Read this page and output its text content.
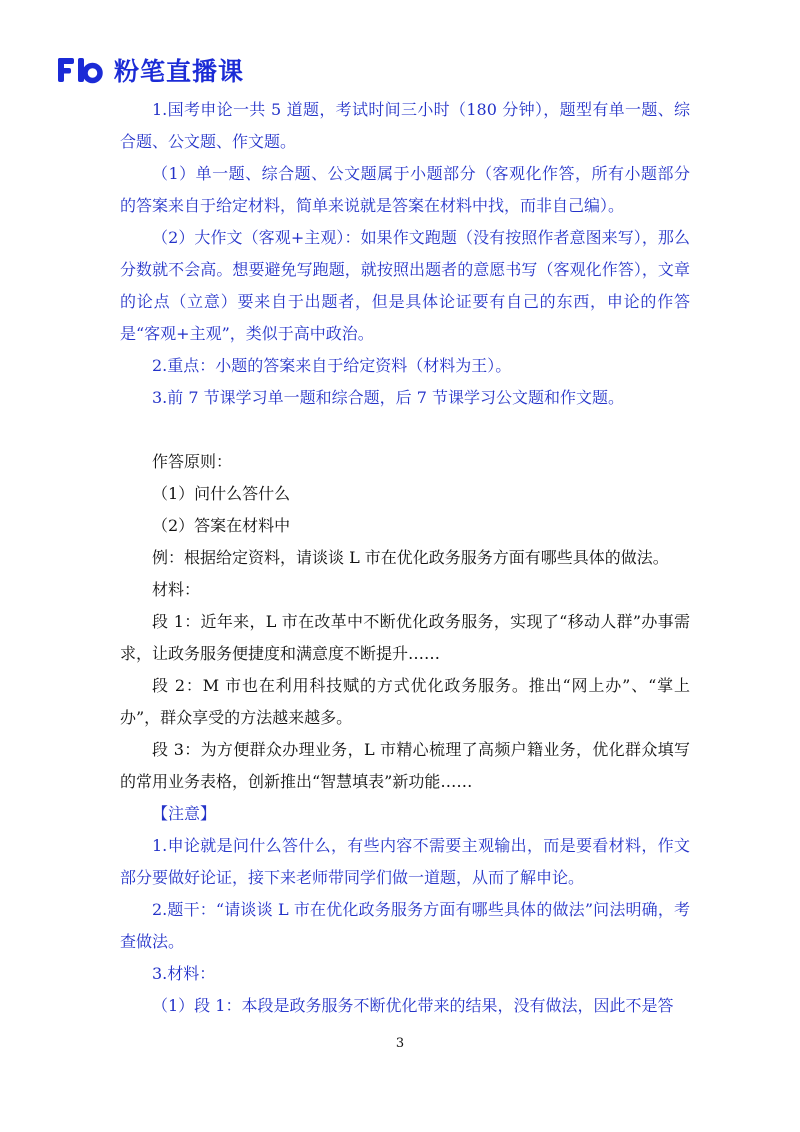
粉笔直播课

1.国考申论一共 5 道题，考试时间三小时（180 分钟），题型有单一题、综合题、公文题、作文题。

（1）单一题、综合题、公文题属于小题部分（客观化作答，所有小题部分的答案来自于给定材料，简单来说就是答案在材料中找，而非自己编）。

（2）大作文（客观+主观）：如果作文跑题（没有按照作者意图来写），那么分数就不会高。想要避免写跑题，就按照出题者的意愿书写（客观化作答），文章的论点（立意）要来自于出题者，但是具体论证要有自己的东西，申论的作答是“客观+主观”，类似于高中政治。

2.重点：小题的答案来自于给定资料（材料为王）。

3.前 7 节课学习单一题和综合题，后 7 节课学习公文题和作文题。

作答原则：

（1）问什么答什么

（2）答案在材料中

例：根据给定资料，请谈谈 L 市在优化政务服务方面有哪些具体的做法。

材料：

段 1：近年来，L 市在改革中不断优化政务服务，实现了“移动人群”办事需求，让政务服务便捷度和满意度不断提升……

段 2：M 市也在利用科技赋的方式优化政务服务。推出“网上办”、“掌上办”，群众享受的方法越来越多。

段 3：为方便群众办理业务，L 市精心梳理了高频户籍业务，优化群众填写的常用业务表格，创新推出“智慧填表”新功能……

【注意】

1.申论就是问什么答什么，有些内容不需要主观输出，而是要看材料，作文部分要做好论证，接下来老师带同学们做一道题，从而了解申论。

2.题干：“请谈谈 L 市在优化政务服务方面有哪些具体的做法”问法明确，考查做法。

3.材料：

（1）段 1：本段是政务服务不断优化带来的结果，没有做法，因此不是答

3
